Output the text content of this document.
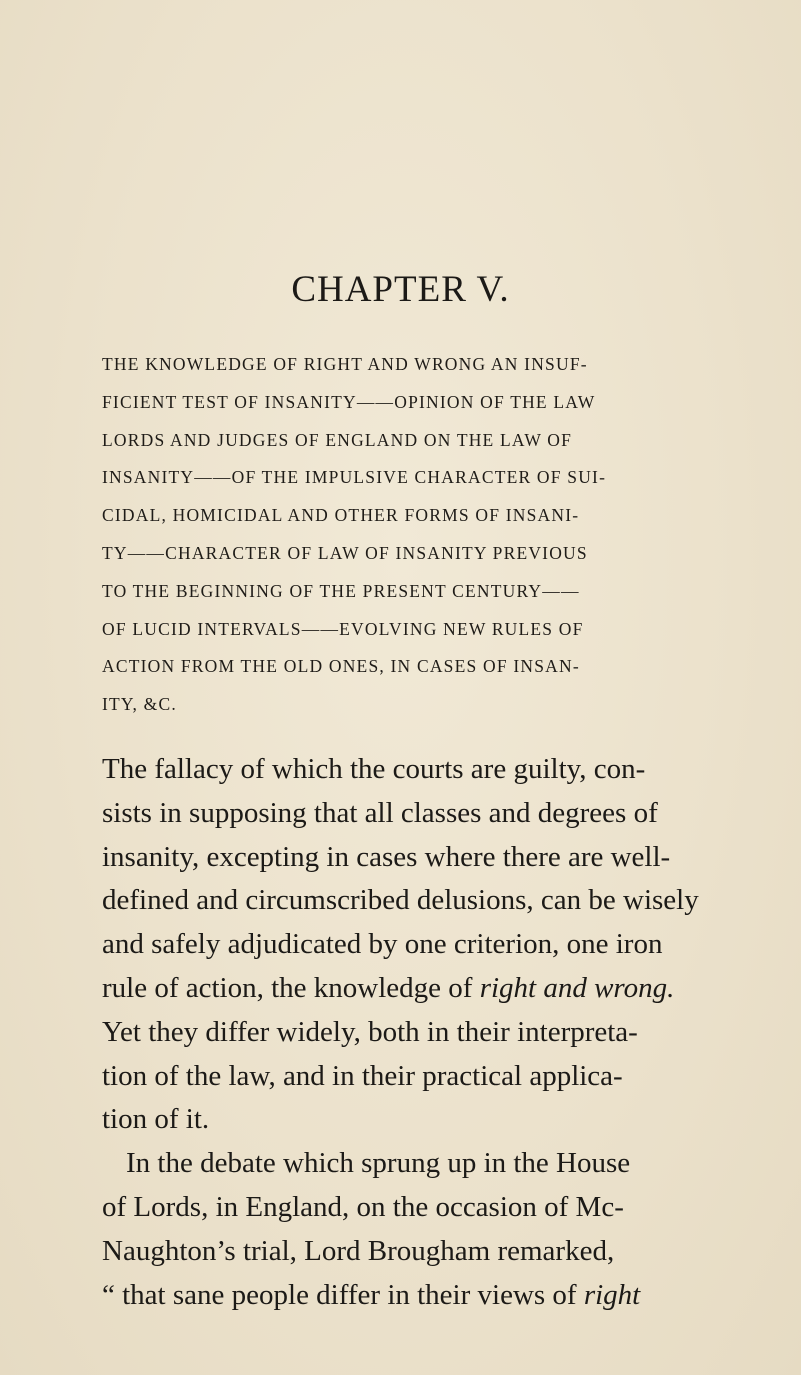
CHAPTER V.

THE KNOWLEDGE OF RIGHT AND WRONG AN INSUF-
FICIENT TEST OF INSANITY——OPINION OF THE LAW
LORDS AND JUDGES OF ENGLAND ON THE LAW OF
INSANITY——OF THE IMPULSIVE CHARACTER OF SUI-
CIDAL, HOMICIDAL AND OTHER FORMS OF INSANI-
TY——CHARACTER OF LAW OF INSANITY PREVIOUS
TO THE BEGINNING OF THE PRESENT CENTURY——
OF LUCID INTERVALS——EVOLVING NEW RULES OF
ACTION FROM THE OLD ONES, IN CASES OF INSAN-
ITY, &C.

The fallacy of which the courts are guilty, con-
sists in supposing that all classes and degrees of
insanity, excepting in cases where there are well-
defined and circumscribed delusions, can be wisely
and safely adjudicated by one criterion, one iron
rule of action, the knowledge of right and wrong.
Yet they differ widely, both in their interpreta-
tion of the law, and in their practical applica-
tion of it.
In the debate which sprung up in the House
of Lords, in England, on the occasion of Mc-
Naughton’s trial, Lord Brougham remarked,
“ that sane people differ in their views of right
